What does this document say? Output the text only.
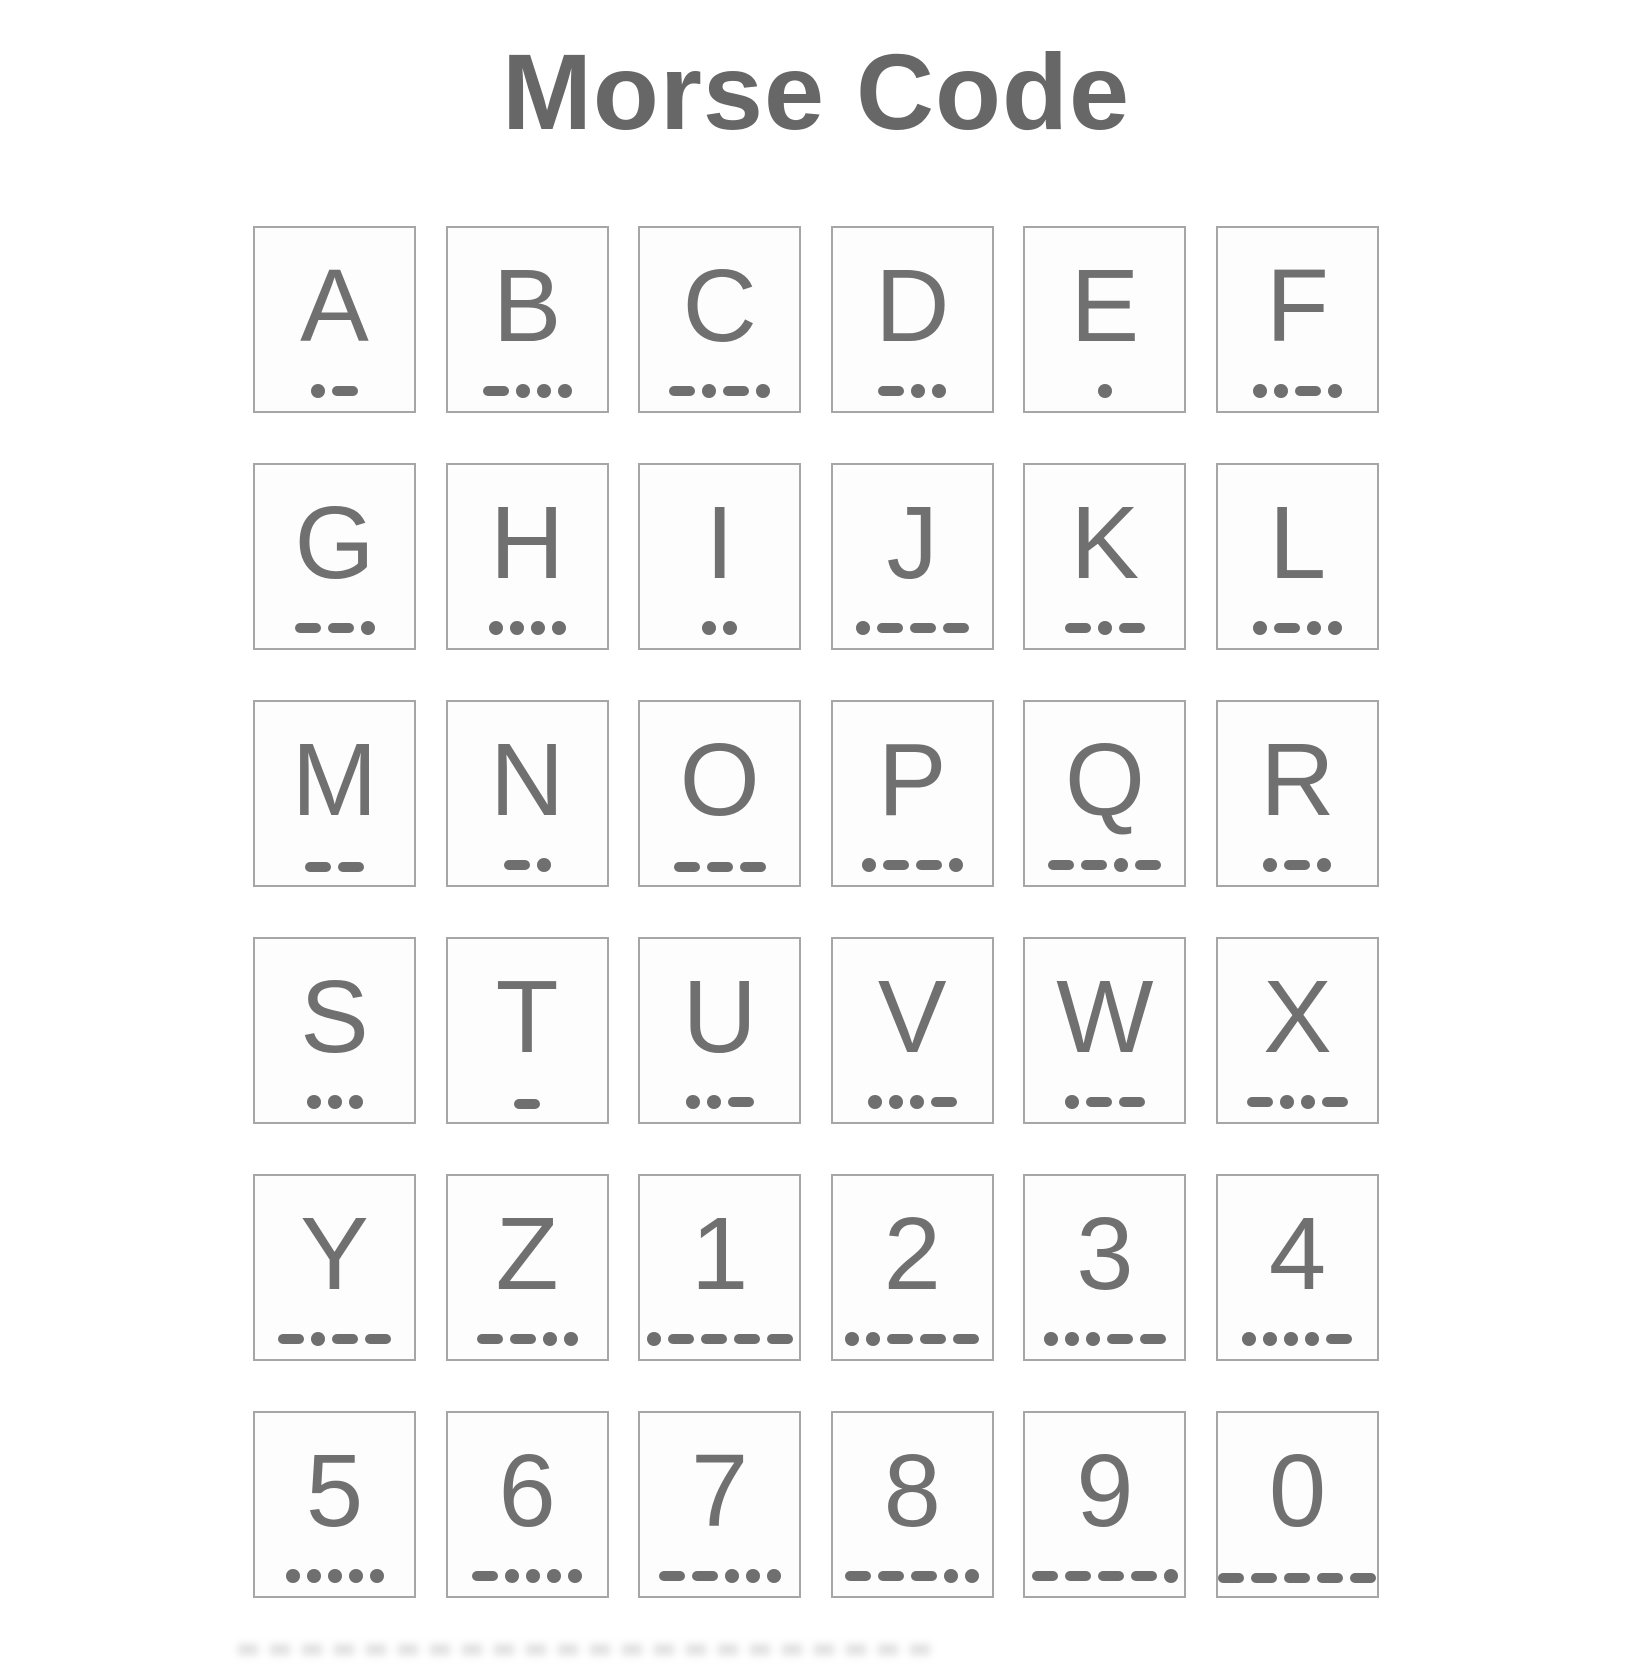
Morse Code
A	B	C	D	E	F
G	H	I	J	K	L
M	N	O	P	Q	R
S	T	U	V	W	X
Y	Z	1	2	3	4
5	6	7	8	9	0
